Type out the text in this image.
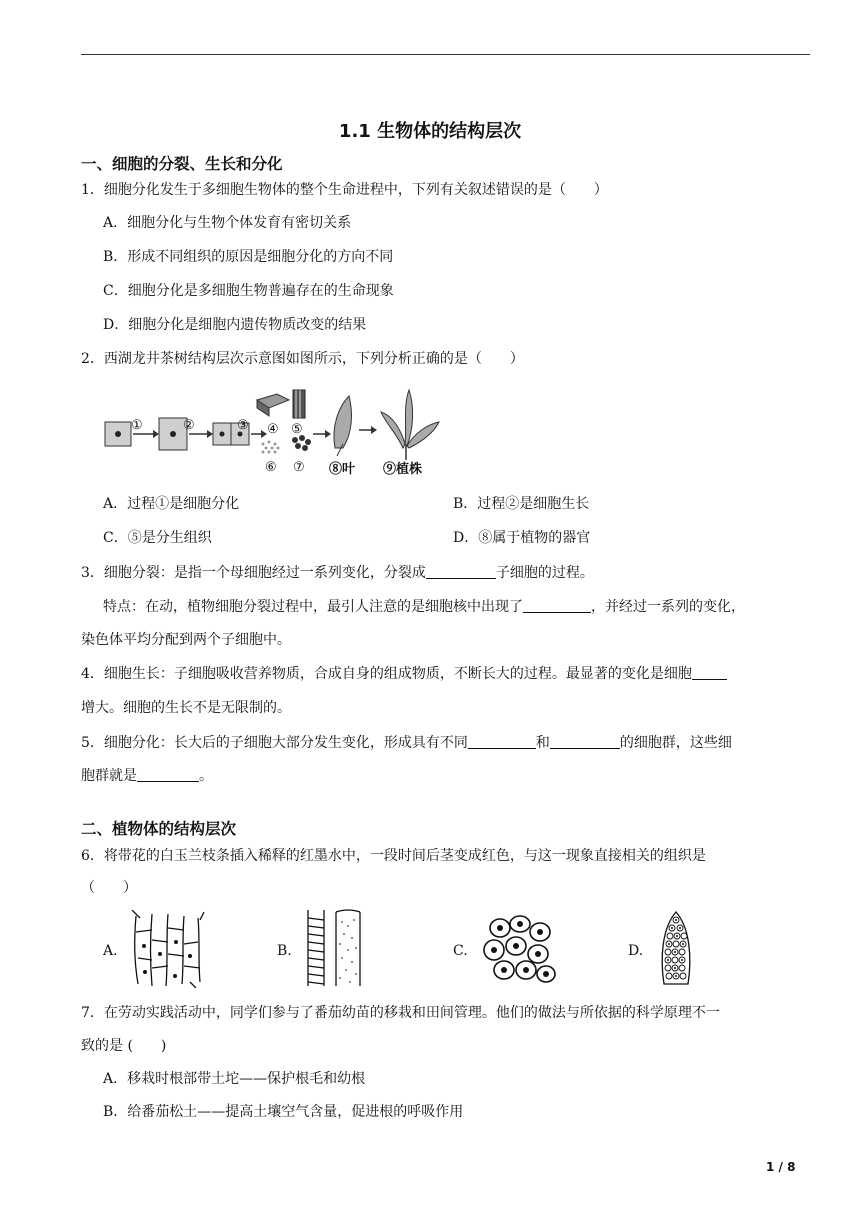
1.1 生物体的结构层次
一、细胞的分裂、生长和分化
1．细胞分化发生于多细胞生物体的整个生命进程中，下列有关叙述错误的是（　　）
A．细胞分化与生物个体发育有密切关系
B．形成不同组织的原因是细胞分化的方向不同
C．细胞分化是多细胞生物普遍存在的生命现象
D．细胞分化是细胞内遗传物质改变的结果
2．西湖龙井茶树结构层次示意图如图所示，下列分析正确的是（　　）
①	②	③ ④ ⑤
⑥ ⑦ ⑧叶 ⑨植株
A．过程①是细胞分化	B．过程②是细胞生长
C．⑤是分生组织	D．⑧属于植物的器官
3．细胞分裂：是指一个母细胞经过一系列变化，分裂成	子细胞的过程。
特点：在动，植物细胞分裂过程中，最引人注意的是细胞核中出现了	，并经过一系列的变化，
染色体平均分配到两个子细胞中。
4．细胞生长：子细胞吸收营养物质，合成自身的组成物质，不断长大的过程。最显著的变化是细胞
增大。细胞的生长不是无限制的。
5．细胞分化：长大后的子细胞大部分发生变化，形成具有不同	和	的细胞群，这些细
胞群就是	。
二、植物体的结构层次
6．将带花的白玉兰枝条插入稀释的红墨水中，一段时间后茎变成红色，与这一现象直接相关的组织是
（　　）
A.	B.	C.	D.
7．在劳动实践活动中，同学们参与了番茄幼苗的移栽和田间管理。他们的做法与所依据的科学原理不一
致的是 (　　)
A．移栽时根部带土坨——保护根毛和幼根
B．给番茄松土——提高土壤空气含量，促进根的呼吸作用
1 / 8
